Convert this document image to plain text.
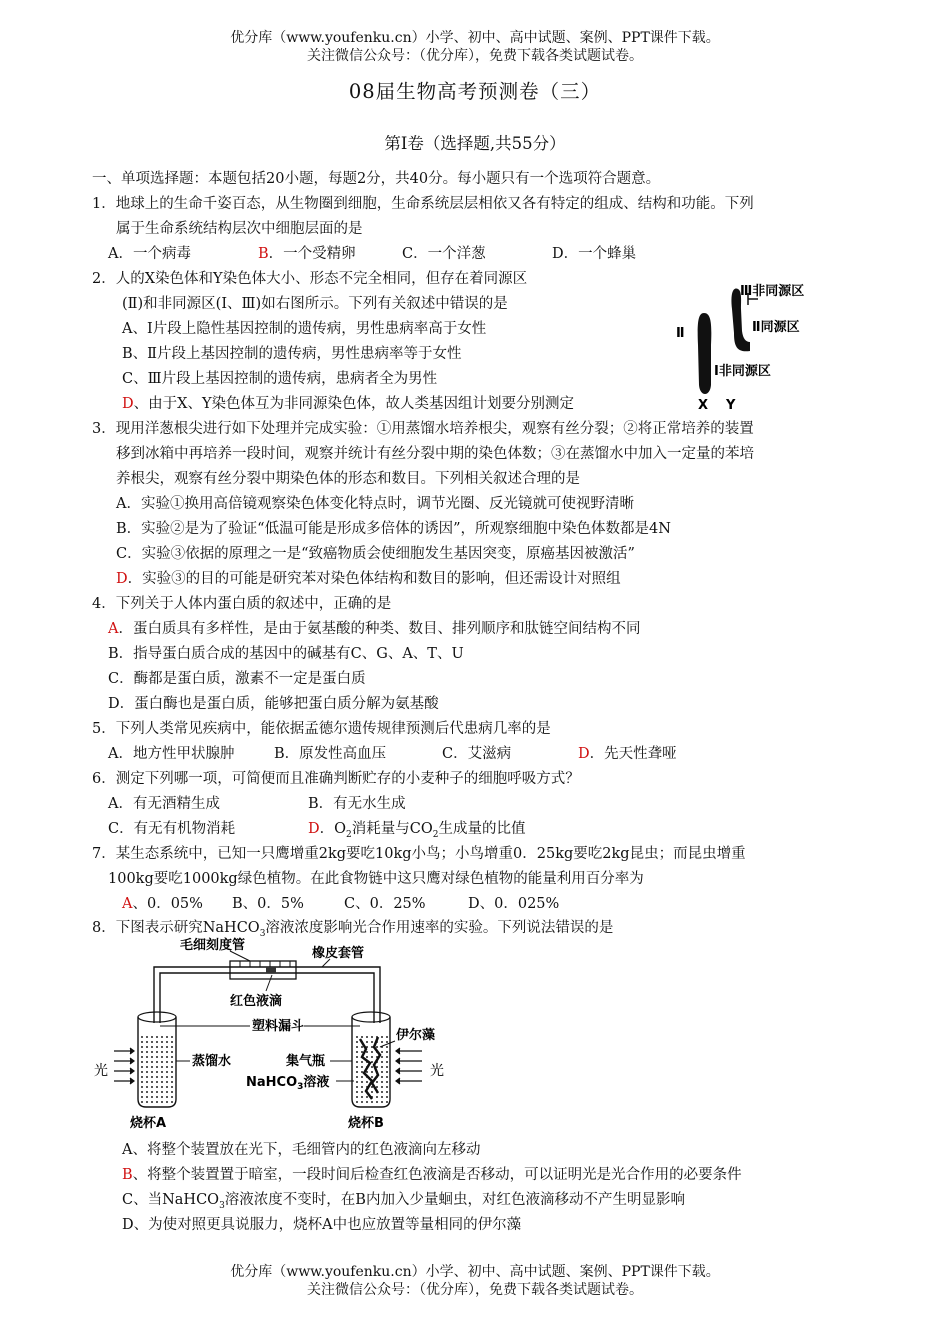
优分库（www.youfenku.cn）小学、初中、高中试题、案例、PPT课件下载。
关注微信公众号：（优分库），免费下载各类试题试卷。
08届生物高考预测卷（三）
第Ⅰ卷（选择题,共55分）
一、单项选择题：本题包括20小题，每题2分，共40分。每小题只有一个选项符合题意。
1．地球上的生命千姿百态，从生物圈到细胞，生命系统层层相依又各有特定的组成、结构和功能。下列
属于生命系统结构层次中细胞层面的是
A．一个病毒	B．一个受精卵	C．一个洋葱	D．一个蜂巢
2．人的X染色体和Y染色体大小、形态不完全相同，但存在着同源区
(Ⅱ)和非同源区(Ⅰ、Ⅲ)如右图所示。下列有关叙述中错误的是
A、Ⅰ片段上隐性基因控制的遗传病，男性患病率高于女性
B、Ⅱ片段上基因控制的遗传病，男性患病率等于女性
C、Ⅲ片段上基因控制的遗传病，患病者全为男性
D、由于X、Y染色体互为非同源染色体，故人类基因组计划要分别测定
Ⅲ非同源区
Ⅱ同源区
Ⅰ非同源区
Ⅱ
X Y
3．现用洋葱根尖进行如下处理并完成实验：①用蒸馏水培养根尖，观察有丝分裂；②将正常培养的装置
移到冰箱中再培养一段时间，观察并统计有丝分裂中期的染色体数；③在蒸馏水中加入一定量的苯培
养根尖，观察有丝分裂中期染色体的形态和数目。下列相关叙述合理的是
A．实验①换用高倍镜观察染色体变化特点时，调节光圈、反光镜就可使视野清晰
B．实验②是为了验证“低温可能是形成多倍体的诱因”，所观察细胞中染色体数都是4N
C．实验③依据的原理之一是“致癌物质会使细胞发生基因突变，原癌基因被激活”
D．实验③的目的可能是研究苯对染色体结构和数目的影响，但还需设计对照组
4．下列关于人体内蛋白质的叙述中，正确的是
A．蛋白质具有多样性，是由于氨基酸的种类、数目、排列顺序和肽链空间结构不同
B．指导蛋白质合成的基因中的碱基有C、G、A、T、U
C．酶都是蛋白质，激素不一定是蛋白质
D．蛋白酶也是蛋白质，能够把蛋白质分解为氨基酸
5．下列人类常见疾病中，能依据孟德尔遗传规律预测后代患病几率的是
A．地方性甲状腺肿	B．原发性高血压	C．艾滋病	D．先天性聋哑
6．测定下列哪一项，可简便而且准确判断贮存的小麦种子的细胞呼吸方式？
A．有无酒精生成	B．有无水生成
C．有无有机物消耗	D．$O_2$消耗量与$CO_2$生成量的比值
7．某生态系统中，已知一只鹰增重2kg要吃10kg小鸟；小鸟增重0．25kg要吃2kg昆虫；而昆虫增重
100kg要吃1000kg绿色植物。在此食物链中这只鹰对绿色植物的能量利用百分率为
A、0．05% B、0．5%	C、0．25%	D、0．025%
8．下图表示研究NaHCO$_3$溶液浓度影响光合作用速率的实验。下列说法错误的是
毛细刻度管
橡皮套管
红色液滴
塑料漏斗
蒸馏水	集气瓶
NaHCO$_3$溶液
伊尔藻
光	光
烧杯A	烧杯B
A、将整个装置放在光下，毛细管内的红色液滴向左移动
B、将整个装置置于暗室，一段时间后检查红色液滴是否移动，可以证明光是光合作用的必要条件
C、当NaHCO$_3$溶液浓度不变时，在B内加入少量蛔虫，对红色液滴移动不产生明显影响
D、为使对照更具说服力，烧杯A中也应放置等量相同的伊尔藻
优分库（www.youfenku.cn）小学、初中、高中试题、案例、PPT课件下载。
关注微信公众号：（优分库），免费下载各类试题试卷。
